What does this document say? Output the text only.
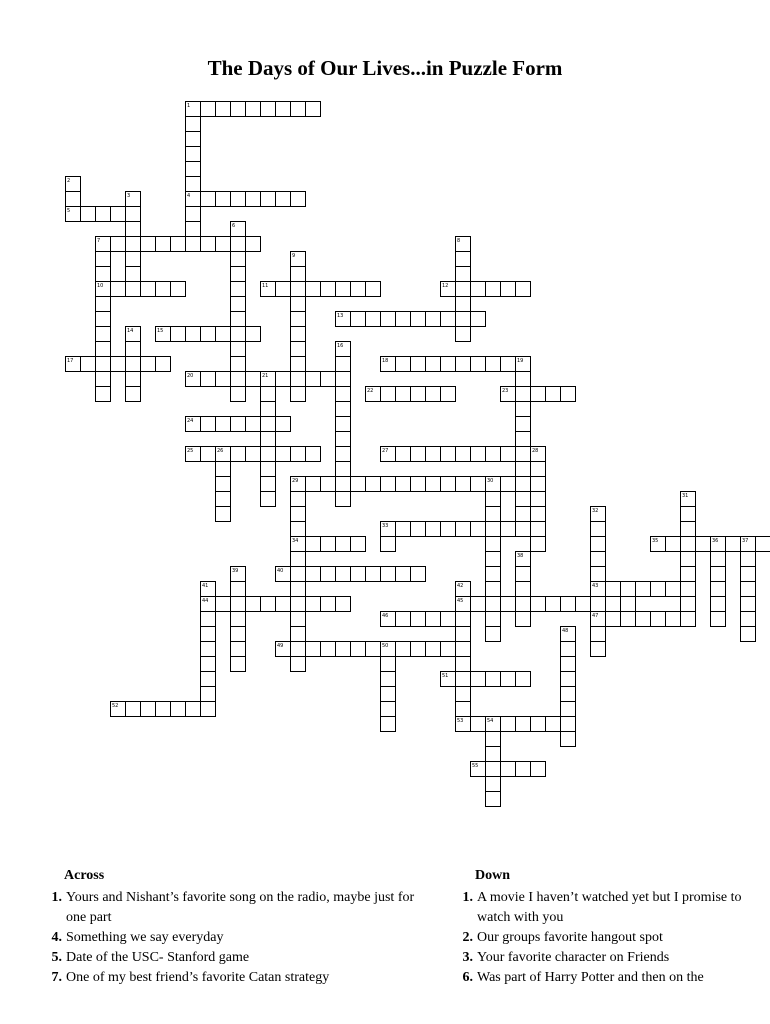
The Days of Our Lives...in Puzzle Form
1
2
3	4
5
6
7	8
9
10	11	12
13
14	15
16
17	18	19
20	21
22	23
24
25	26	27	28
29	30
31
32
33
34	35	36	37
38
39	40
41	42	43
44	45
46	47
48
49	50
51
52
53	54
55
Across
1. Yours and Nishant’s favorite song on the radio, maybe just for one part
4. Something we say everyday
5. Date of the USC- Stanford game
7. One of my best friend’s favorite Catan strategy
Down
1. A movie I haven’t watched yet but I promise to watch with you
2. Our groups favorite hangout spot
3. Your favorite character on Friends
6. Was part of Harry Potter and then on the
